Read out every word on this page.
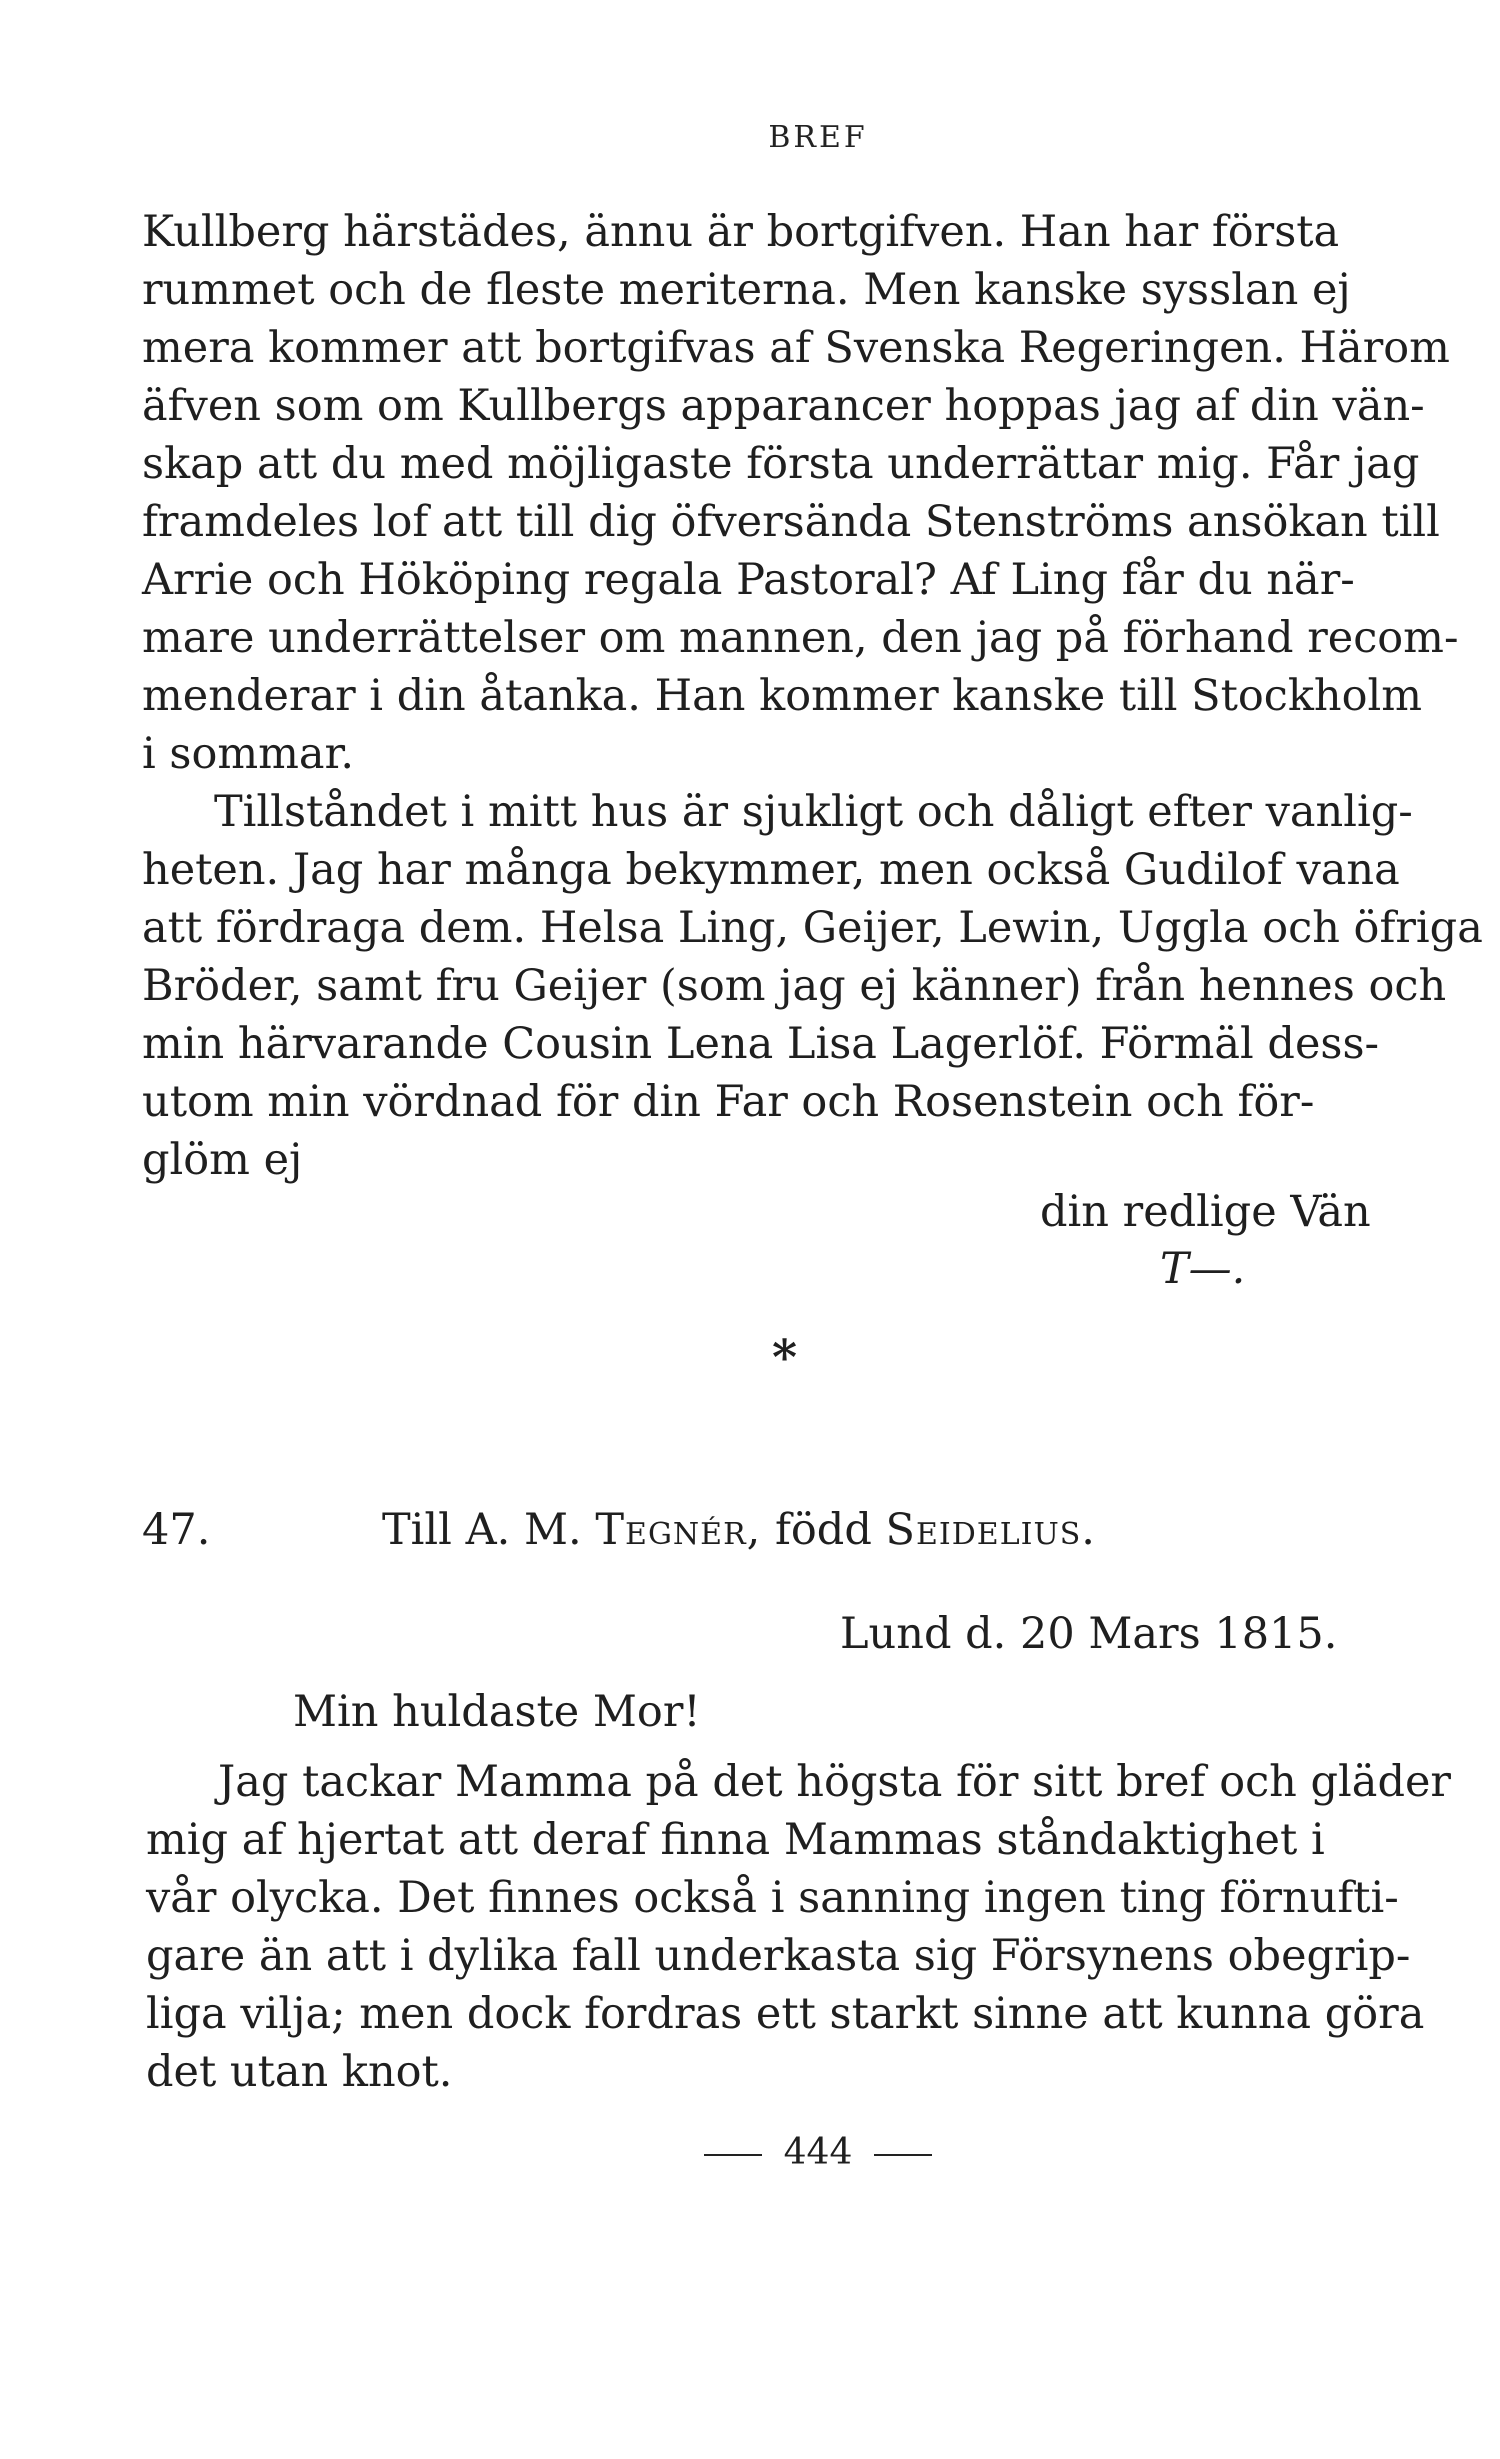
BREF

Kullberg härstädes, ännu är bortgifven. Han har första

rummet och de fleste meriterna. Men kanske sysslan ej

mera kommer att bortgifvas af Svenska Regeringen. Härom

äfven som om Kullbergs apparancer hoppas jag af din vän-

skap att du med möjligaste första underrättar mig. Får jag

framdeles lof att till dig öfversända Stenströms ansökan till

Arrie och Hököping regala Pastoral? Af Ling får du när-

mare underrättelser om mannen, den jag på förhand recom-

menderar i din åtanka. Han kommer kanske till Stockholm

i sommar.

Tillståndet i mitt hus är sjukligt och dåligt efter vanlig-

heten. Jag har många bekymmer, men också Gudilof vana

att fördraga dem. Helsa Ling, Geijer, Lewin, Uggla och öfriga

Bröder, samt fru Geijer (som jag ej känner) från hennes och

min härvarande Cousin Lena Lisa Lagerlöf. Förmäl dess-

utom min vördnad för din Far och Rosenstein och för-

glöm ej

din redlige Vän
T—.
*
47.	Till A. M. Tegnér, född Seidelius.
Lund d. 20 Mars 1815.
Min huldaste Mor!

Jag tackar Mamma på det högsta för sitt bref och gläder

mig af hjertat att deraf finna Mammas ståndaktighet i

vår olycka. Det finnes också i sanning ingen ting förnufti-

gare än att i dylika fall underkasta sig Försynens obegrip-

liga vilja; men dock fordras ett starkt sinne att kunna göra

det utan knot.

444
